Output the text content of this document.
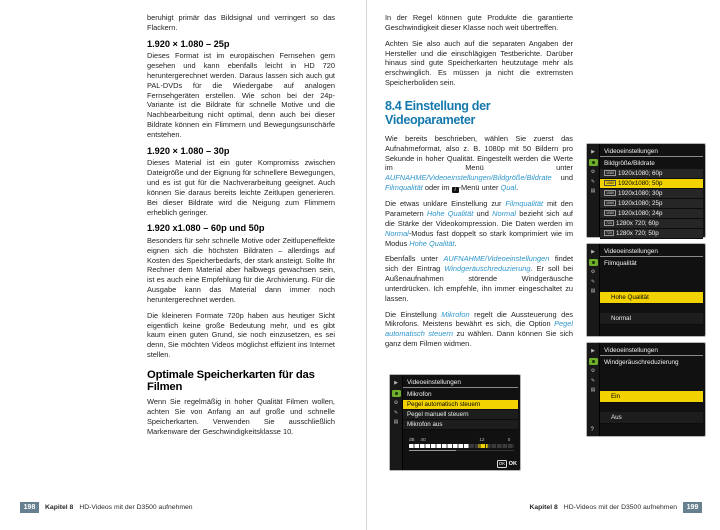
beruhigt primär das Bildsignal und verringert so das Flackern.

1.920 × 1.080 – 25p

Dieses Format ist im europäischen Fernsehen gern gesehen und kann ebenfalls leicht in HD 720 heruntergerechnet werden. Daraus lassen sich auch gut PAL-DVDs für die Wiedergabe auf analogen Fernsehgeräten erstellen. Wie schon bei der 24p-Variante ist die Bildrate für schnelle Motive und die Nachbearbeitung nicht optimal, denn auch bei dieser Bildrate können ein Flimmern und Bewegungsunschärfe entstehen.

1.920 × 1.080 – 30p

Dieses Material ist ein guter Kompromiss zwischen Dateigröße und der Eignung für schnellere Bewegungen, und es ist gut für die Nachverarbeitung geeignet. Auch können Sie daraus bereits leichte Zeitlupen generieren. Bei dieser Bildrate wird die Neigung zum Flimmern erheblich geringer.

1.920 x1.080 – 60p und 50p

Besonders für sehr schnelle Motive oder Zeitlupeneffekte eignen sich die höchsten Bildraten – allerdings auf Kosten des Speicherbedarfs, der stark ansteigt. Sollte Ihr Rechner dem Material aber halbwegs gewachsen sein, ist es auch eine Empfehlung für die Archivierung. Für die Ausgabe kann das Material dann immer noch heruntergerechnet werden.

Die kleineren Formate 720p haben aus heutiger Sicht eigentlich keine große Bedeutung mehr, und es gibt kaum einen guten Grund, sie noch einzusetzen, es sei denn, Sie möchten Videos möglichst effizient ins Internet stellen.

Optimale Speicherkarten für das Filmen

Wenn Sie regelmäßig in hoher Qualität Filmen wollen, achten Sie von Anfang an auf große und schnelle Speicherkarten. Verwenden Sie ausschließlich Markenware der Geschwindigkeitsklasse 10.

In der Regel können gute Produkte die garantierte Geschwindigkeit dieser Klasse noch weit übertreffen.

Achten Sie also auch auf die separaten Angaben der Hersteller und die einschlägigen Testberichte. Darüber hinaus sind gute Speicherkarten heutzutage mehr als erschwinglich. Es müssen ja nicht die extremsten Speicherboliden sein.

8.4 Einstellung der Videoparameter

Wie bereits beschrieben, wählen Sie zuerst das Aufnahmeformat, also z. B. 1080p mit 50 Bildern pro Sekunde in hoher Qualität. Eingestellt werden die Werte im Menü unter AUFNAHME/Videoeinstellungen/Bildgröße/Bildrate und Filmqualität oder im i -Menü unter Qual.

Die etwas unklare Einstellung zur Filmqualität mit den Parametern Hohe Qualität und Normal bezieht sich auf die Stärke der Videokompression. Die Daten werden im Normal-Modus fast doppelt so stark komprimiert wie im Modus Hohe Qualität.

Ebenfalls unter AUFNAHME/Videoeinstellungen findet sich der Eintrag Windgeräuschreduzierung. Er soll bei Außenaufnahmen störende Windgeräusche unterdrücken. Ich empfehle, ihn immer eingeschaltet zu lassen.

Die Einstellung Mikrofon regelt die Aussteuerung des Mikrofons. Meistens bewährt es sich, die Option Pegel automatisch steuern zu wählen. Dann können Sie sich ganz dem Filmen widmen.

▶
⚙
✎
▤
Videoeinstellungen
Bildgröße/Bildrate
1080 1920x1080; 60p
1080 1920x1080; 50p
1080 1920x1080; 30p
1080 1920x1080; 25p
1080 1920x1080; 24p
720 1280x 720; 60p
720 1280x 720; 50p
▶
⚙
✎
▤
Videoeinstellungen
Filmqualität
Hohe Qualität
Normal
▶
⚙
✎
▤
?
Videoeinstellungen
Windgeräuschreduzierung
Ein
Aus
▶
⚙
✎
▤
Videoeinstellungen
Mikrofon
Pegel automatisch steuern
Pegel manuell steuern
Mikrofon aus
dB 40	12	0
OK OK
198	Kapitel 8 HD-Videos mit der D3500 aufnehmen	Kapitel 8 HD-Videos mit der D3500 aufnehmen	199
